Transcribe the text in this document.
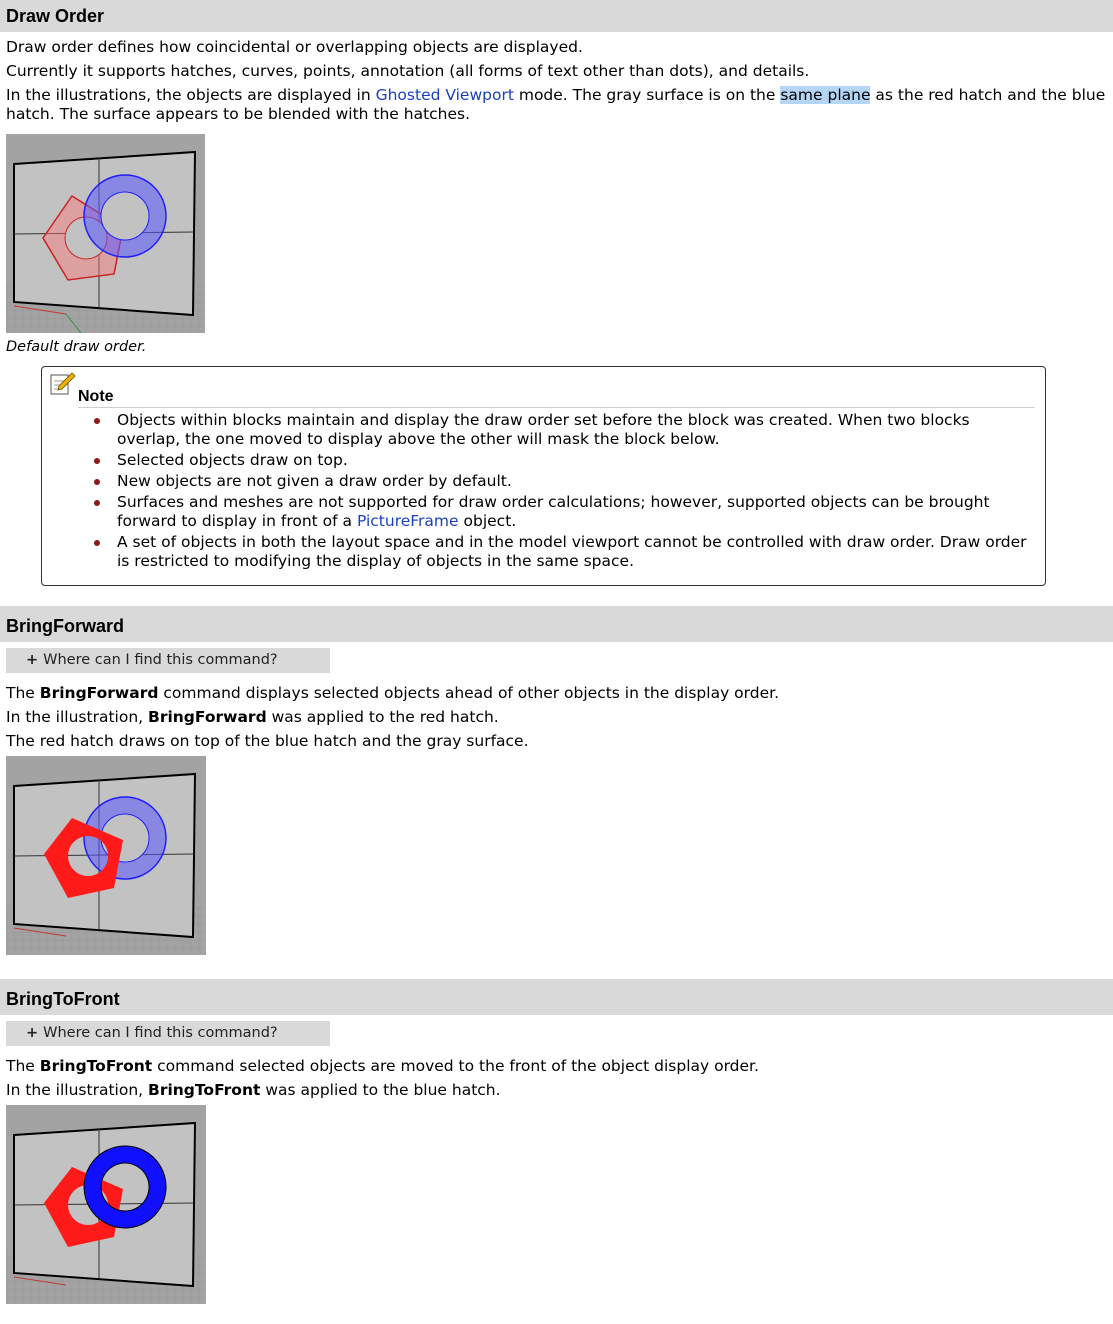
Draw Order

Draw order defines how coincidental or overlapping objects are displayed.

Currently it supports hatches, curves, points, annotation (all forms of text other than dots), and details.

In the illustrations, the objects are displayed in Ghosted Viewport mode. The gray surface is on the same plane as the red hatch and the blue hatch. The surface appears to be blended with the hatches.

Default draw order.
Note
Objects within blocks maintain and display the draw order set before the block was created. When two blocks overlap, the one moved to display above the other will mask the block below.
Selected objects draw on top.
New objects are not given a draw order by default.
Surfaces and meshes are not supported for draw order calculations; however, supported objects can be brought forward to display in front of a PictureFrame object.
A set of objects in both the layout space and in the model viewport cannot be controlled with draw order. Draw order is restricted to modifying the display of objects in the same space.
BringForward
+ Where can I find this command?

The BringForward command displays selected objects ahead of other objects in the display order.

In the illustration, BringForward was applied to the red hatch.

The red hatch draws on top of the blue hatch and the gray surface.

BringToFront
+ Where can I find this command?

The BringToFront command selected objects are moved to the front of the object display order.

In the illustration, BringToFront was applied to the blue hatch.
